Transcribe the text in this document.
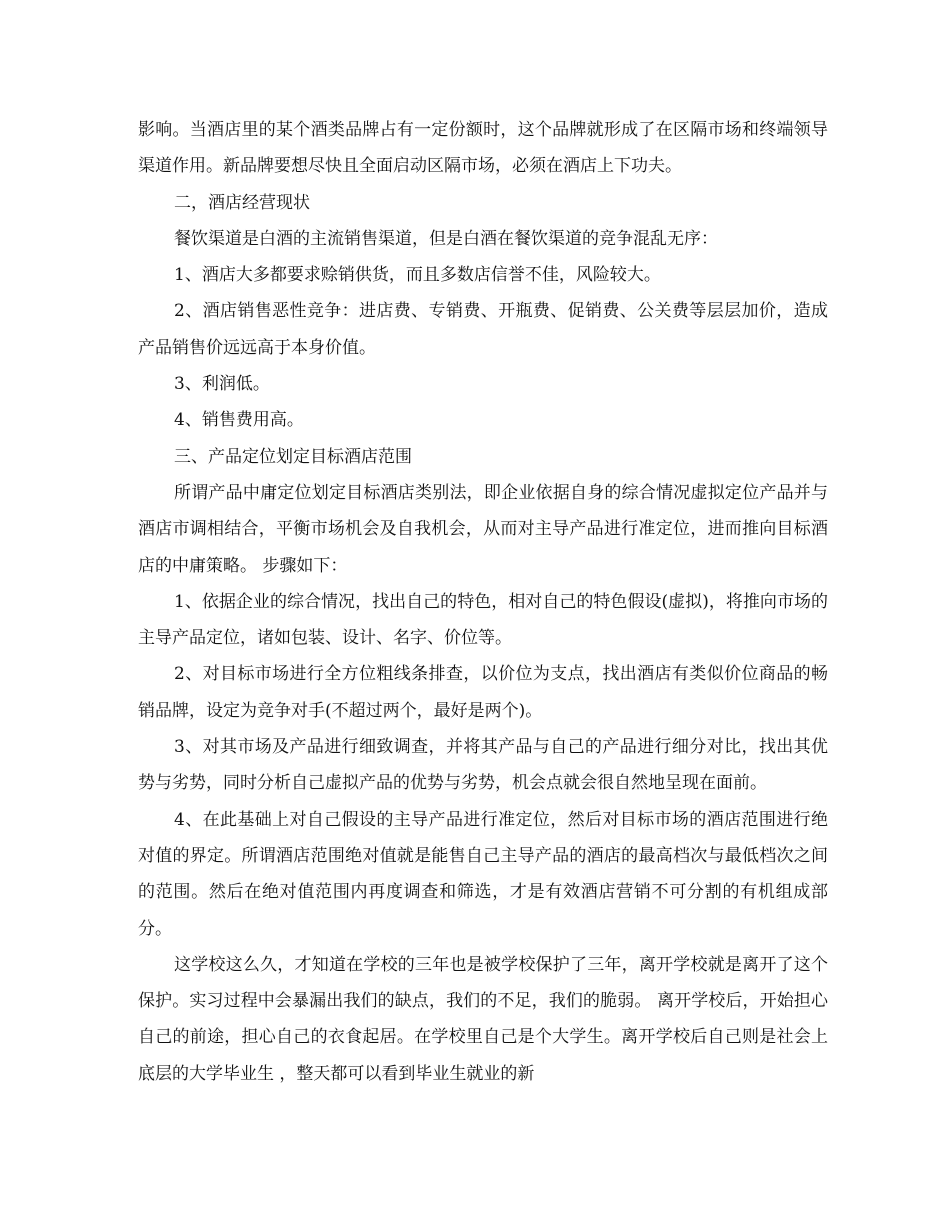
影响。当酒店里的某个酒类品牌占有一定份额时，这个品牌就形成了在区隔市场和终端领导渠道作用。新品牌要想尽快且全面启动区隔市场，必须在酒店上下功夫。

二，酒店经营现状

餐饮渠道是白酒的主流销售渠道，但是白酒在餐饮渠道的竞争混乱无序：

1、酒店大多都要求赊销供货，而且多数店信誉不佳，风险较大。

2、酒店销售恶性竞争：进店费、专销费、开瓶费、促销费、公关费等层层加价，造成产品销售价远远高于本身价值。

3、利润低。

4、销售费用高。

三、产品定位划定目标酒店范围

所谓产品中庸定位划定目标酒店类别法，即企业依据自身的综合情况虚拟定位产品并与酒店市调相结合，平衡市场机会及自我机会，从而对主导产品进行准定位，进而推向目标酒店的中庸策略。 步骤如下：

1、依据企业的综合情况，找出自己的特色，相对自己的特色假设(虚拟)，将推向市场的主导产品定位，诸如包装、设计、名字、价位等。

2、对目标市场进行全方位粗线条排查，以价位为支点，找出酒店有类似价位商品的畅销品牌，设定为竞争对手(不超过两个，最好是两个)。

3、对其市场及产品进行细致调查，并将其产品与自己的产品进行细分对比，找出其优势与劣势，同时分析自己虚拟产品的优势与劣势，机会点就会很自然地呈现在面前。

4、在此基础上对自己假设的主导产品进行准定位，然后对目标市场的酒店范围进行绝对值的界定。所谓酒店范围绝对值就是能售自己主导产品的酒店的最高档次与最低档次之间的范围。然后在绝对值范围内再度调查和筛选，才是有效酒店营销不可分割的有机组成部分。

这学校这么久，才知道在学校的三年也是被学校保护了三年，离开学校就是离开了这个保护。实习过程中会暴漏出我们的缺点，我们的不足，我们的脆弱。 离开学校后，开始担心自己的前途，担心自己的衣食起居。在学校里自己是个大学生。离开学校后自己则是社会上底层的大学毕业生 ，整天都可以看到毕业生就业的新
